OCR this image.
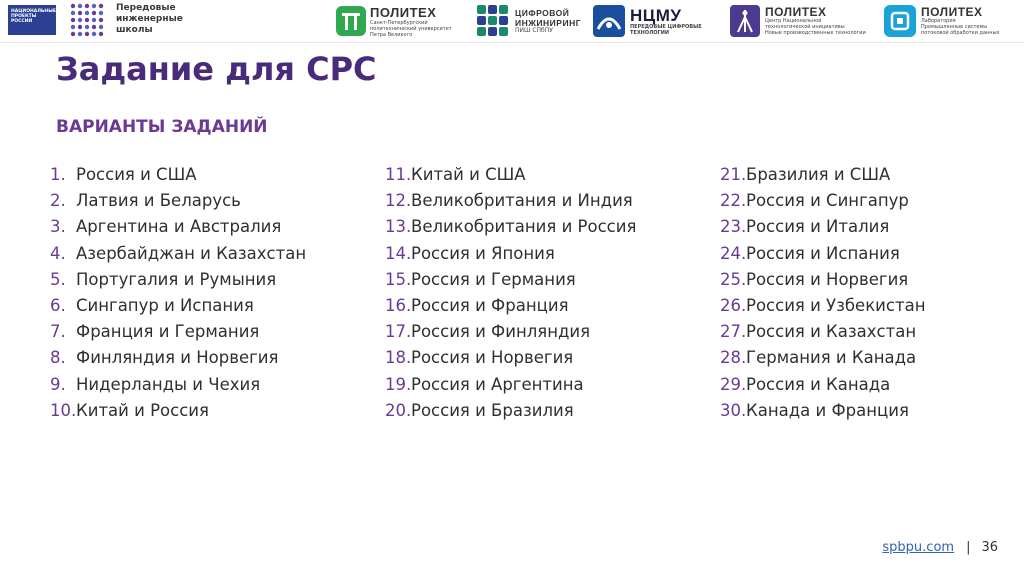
НАЦИОНАЛЬНЫЕ ПРОЕКТЫ РОССИИ
Передовые
инженерные
школы
ПОЛИТЕХ
Санкт-Петербургский
политехнический университет
Петра Великого
ЦИФРОВОЙ
ИНЖИНИРИНГ
ПИШ СПбПУ
НЦМУ
ПЕРЕДОВЫЕ ЦИФРОВЫЕ
ТЕХНОЛОГИИ
ПОЛИТЕХ
Центр Национальной
технологической инициативы
Новые производственные технологии
ПОЛИТЕХ
Лаборатория
Промышленные системы
потоковой обработки данных
Задание для СРС
ВАРИАНТЫ ЗАДАНИЙ
1. Россия и США
2. Латвия и Беларусь
3. Аргентина и Австралия
4. Азербайджан и Казахстан
5. Португалия и Румыния
6. Сингапур и Испания
7. Франция и Германия
8. Финляндия и Норвегия
9. Нидерланды и Чехия
10. Китай и Россия
11. Китай и США
12. Великобритания и Индия
13. Великобритания и Россия
14. Россия и Япония
15. Россия и Германия
16. Россия и Франция
17. Россия и Финляндия
18. Россия и Норвегия
19. Россия и Аргентина
20. Россия и Бразилия
21. Бразилия и США
22. Россия и Сингапур
23. Россия и Италия
24. Россия и Испания
25. Россия и Норвегия
26. Россия и Узбекистан
27. Россия и Казахстан
28. Германия и Канада
29. Россия и Канада
30. Канада и Франция
spbpu.com | 36
